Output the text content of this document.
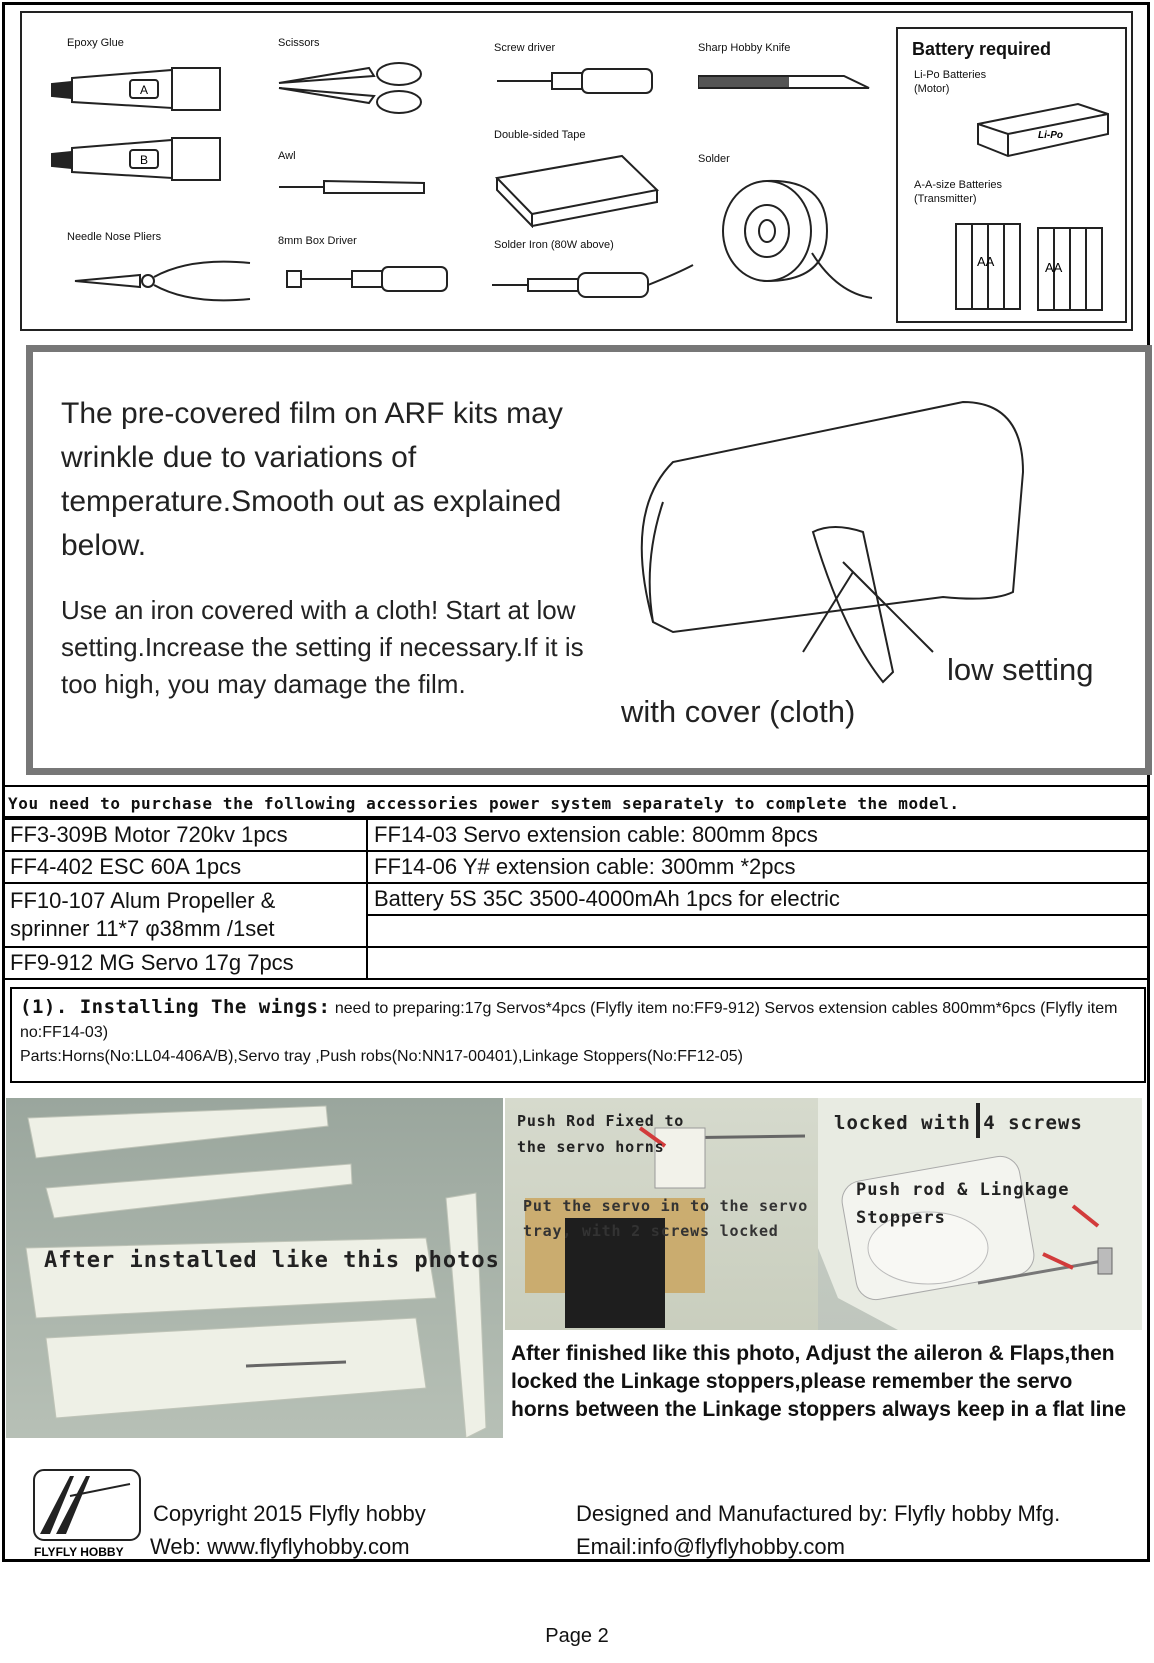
Epoxy Glue
A
B
Scissors	Screw driver	Sharp Hobby Knife
Awl
Double-sided Tape
Solder
Needle Nose Pliers	8mm Box Driver	Solder Iron (80W above)
Battery required
Li-Po Batteries
(Motor)
Li-Po
A-A-size Batteries
(Transmitter)
AA	AA
The pre-covered film on ARF kits may wrinkle due to variations of temperature.Smooth out as explained below.
Use an iron covered with a cloth! Start at low setting.Increase the setting if necessary.If it is too high, you may damage the film.	low setting
with cover (cloth)
You need to purchase the following accessories power system separately to complete the model.
FF3-309B Motor 720kv 1pcs	FF14-03 Servo extension cable: 800mm 8pcs
FF4-402 ESC 60A 1pcs	FF14-06 Y# extension cable: 300mm *2pcs
FF10-107 Alum Propeller & sprinner 11*7 φ38mm /1set	Battery 5S 35C 3500-4000mAh 1pcs for electric

FF9-912 MG Servo 17g 7pcs	
(1). Installing The wings: need to preparing:17g Servos*4pcs (Flyfly item no:FF9-912) Servos extension cables 800mm*6pcs (Flyfly item no:FF14-03)
Parts:Horns(No:LL04-406A/B),Servo tray ,Push robs(No:NN17-00401),Linkage Stoppers(No:FF12-05)
After installed like this photos
Push Rod Fixed to the servo horns
Put the servo in to the servo tray, with 2 screws locked
locked with 4 screws
Push rod & Lingkage Stoppers
After finished like this photo, Adjust the aileron & Flaps,then locked the Linkage stoppers,please remember the servo horns between the Linkage stoppers always keep in a flat line
FLYFLY HOBBY
Copyright 2015 Flyfly hobby
Web: www.flyflyhobby.com
Designed and Manufactured by: Flyfly hobby Mfg.
Email:info@flyflyhobby.com
Page 2
